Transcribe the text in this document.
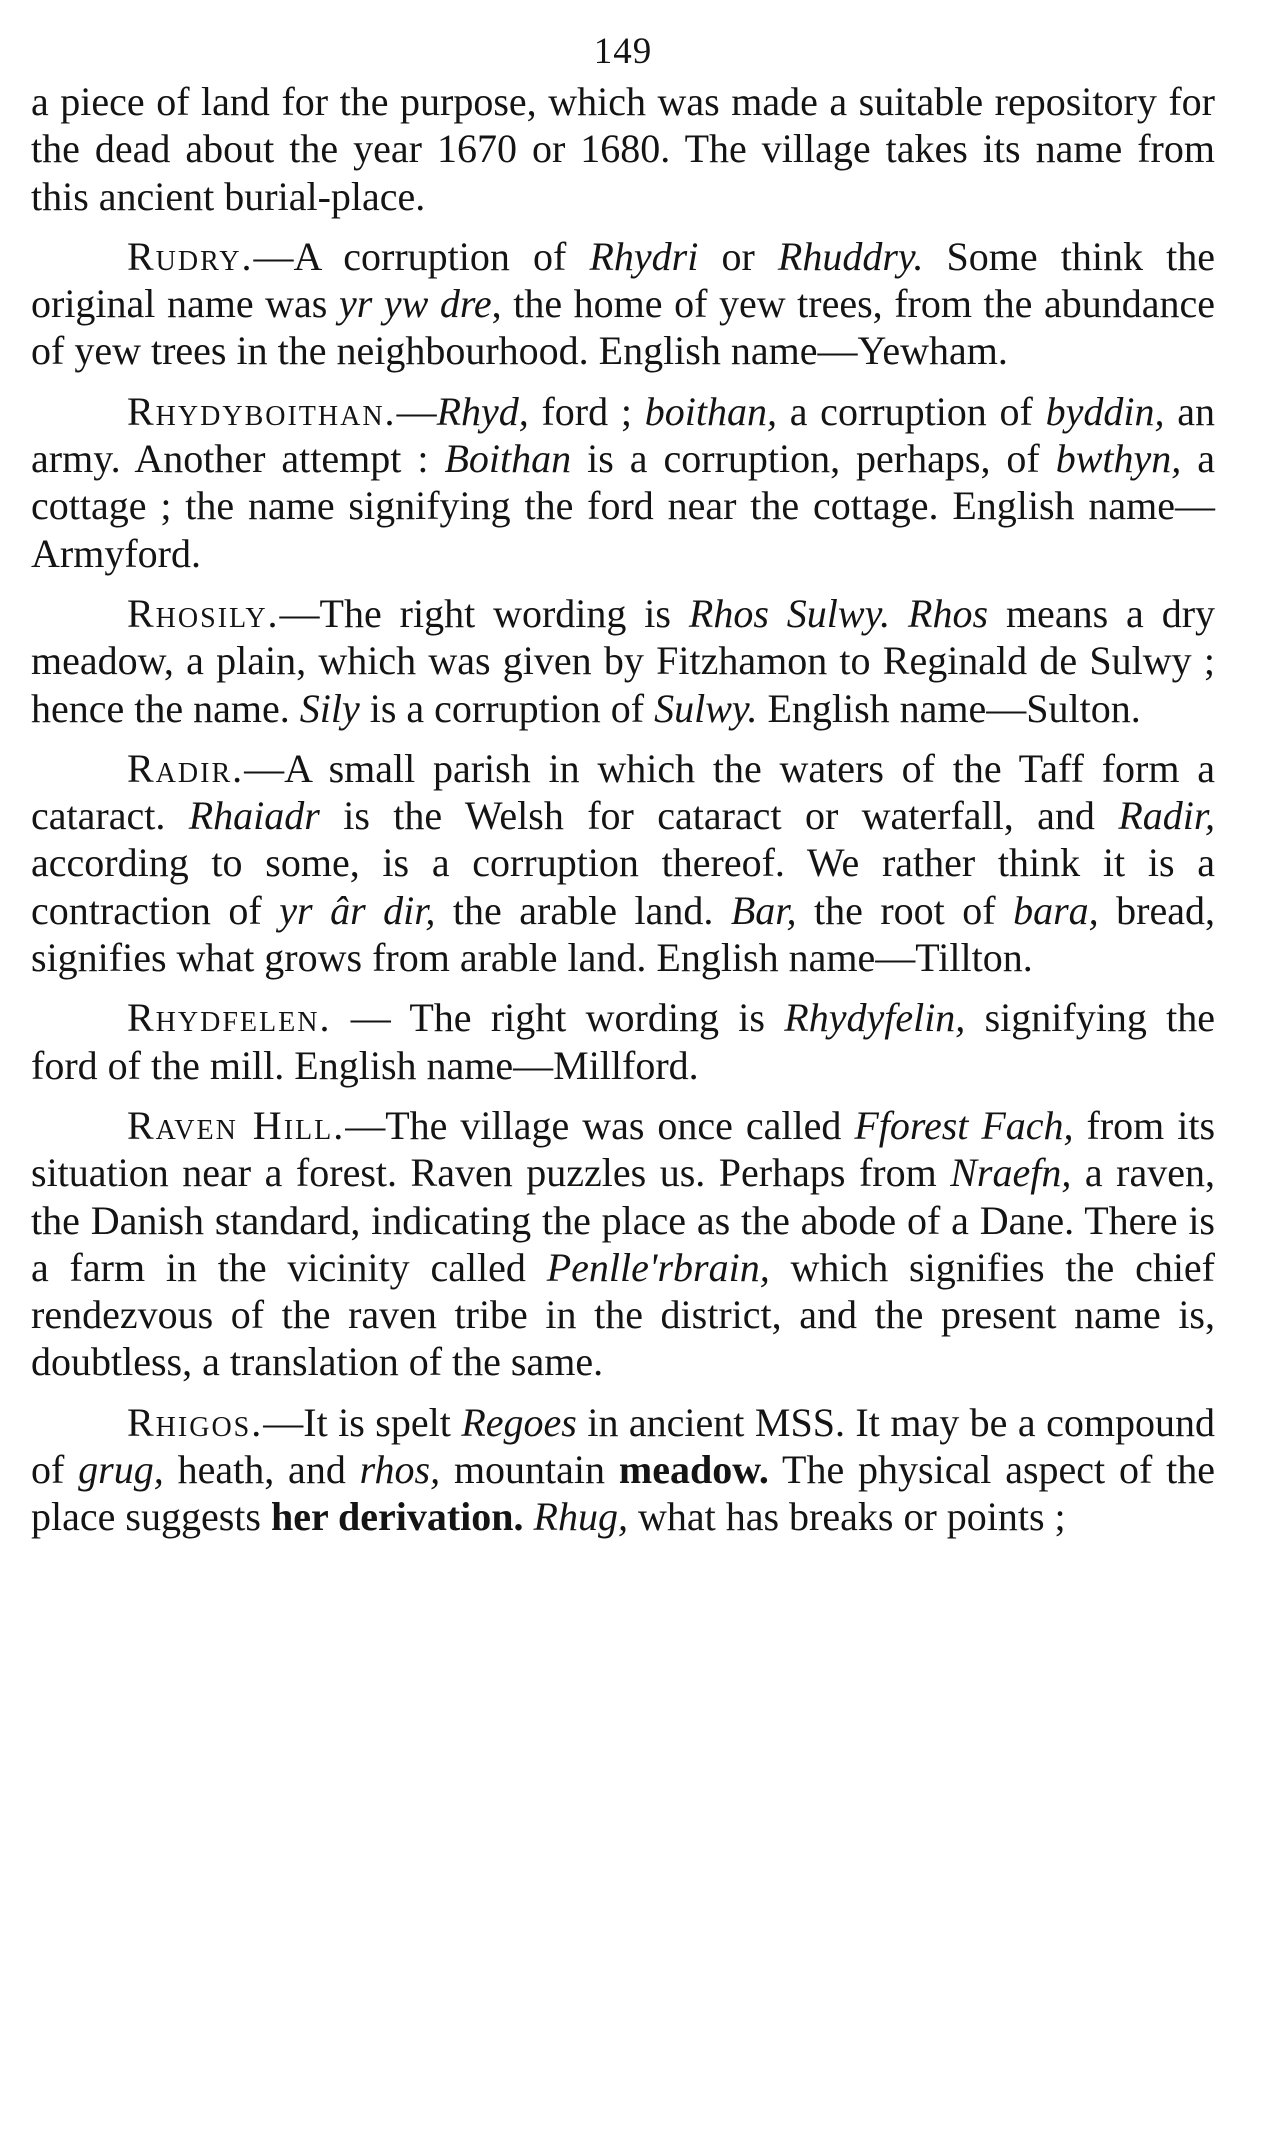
149

a piece of land for the purpose, which was made a suitable repository for the dead about the year 1670 or 1680. The village takes its name from this ancient burial-place.

Rudry.—A corruption of Rhydri or Rhuddry. Some think the original name was yr yw dre, the home of yew trees, from the abundance of yew trees in the neighbourhood. English name—Yewham.

Rhydyboithan.—Rhyd, ford ; boithan, a corruption of byddin, an army. Another attempt : Boithan is a corruption, perhaps, of bwthyn, a cottage ; the name signifying the ford near the cottage. English name—Armyford.

Rhosily.—The right wording is Rhos Sulwy. Rhos means a dry meadow, a plain, which was given by Fitzhamon to Reginald de Sulwy ; hence the name. Sily is a corruption of Sulwy. English name—Sulton.

Radir.—A small parish in which the waters of the Taff form a cataract. Rhaiadr is the Welsh for cataract or waterfall, and Radir, according to some, is a corruption thereof. We rather think it is a contraction of yr âr dir, the arable land. Bar, the root of bara, bread, signifies what grows from arable land. English name—Tillton.

Rhydfelen. — The right wording is Rhydyfelin, signifying the ford of the mill. English name—Millford.

Raven Hill.—The village was once called Fforest Fach, from its situation near a forest. Raven puzzles us. Perhaps from Nraefn, a raven, the Danish standard, indicating the place as the abode of a Dane. There is a farm in the vicinity called Penlle'rbrain, which signifies the chief rendezvous of the raven tribe in the district, and the present name is, doubtless, a translation of the same.

Rhigos.—It is spelt Regoes in ancient MSS. It may be a compound of grug, heath, and rhos, mountain meadow. The physical aspect of the place suggests her derivation. Rhug, what has breaks or points ;
